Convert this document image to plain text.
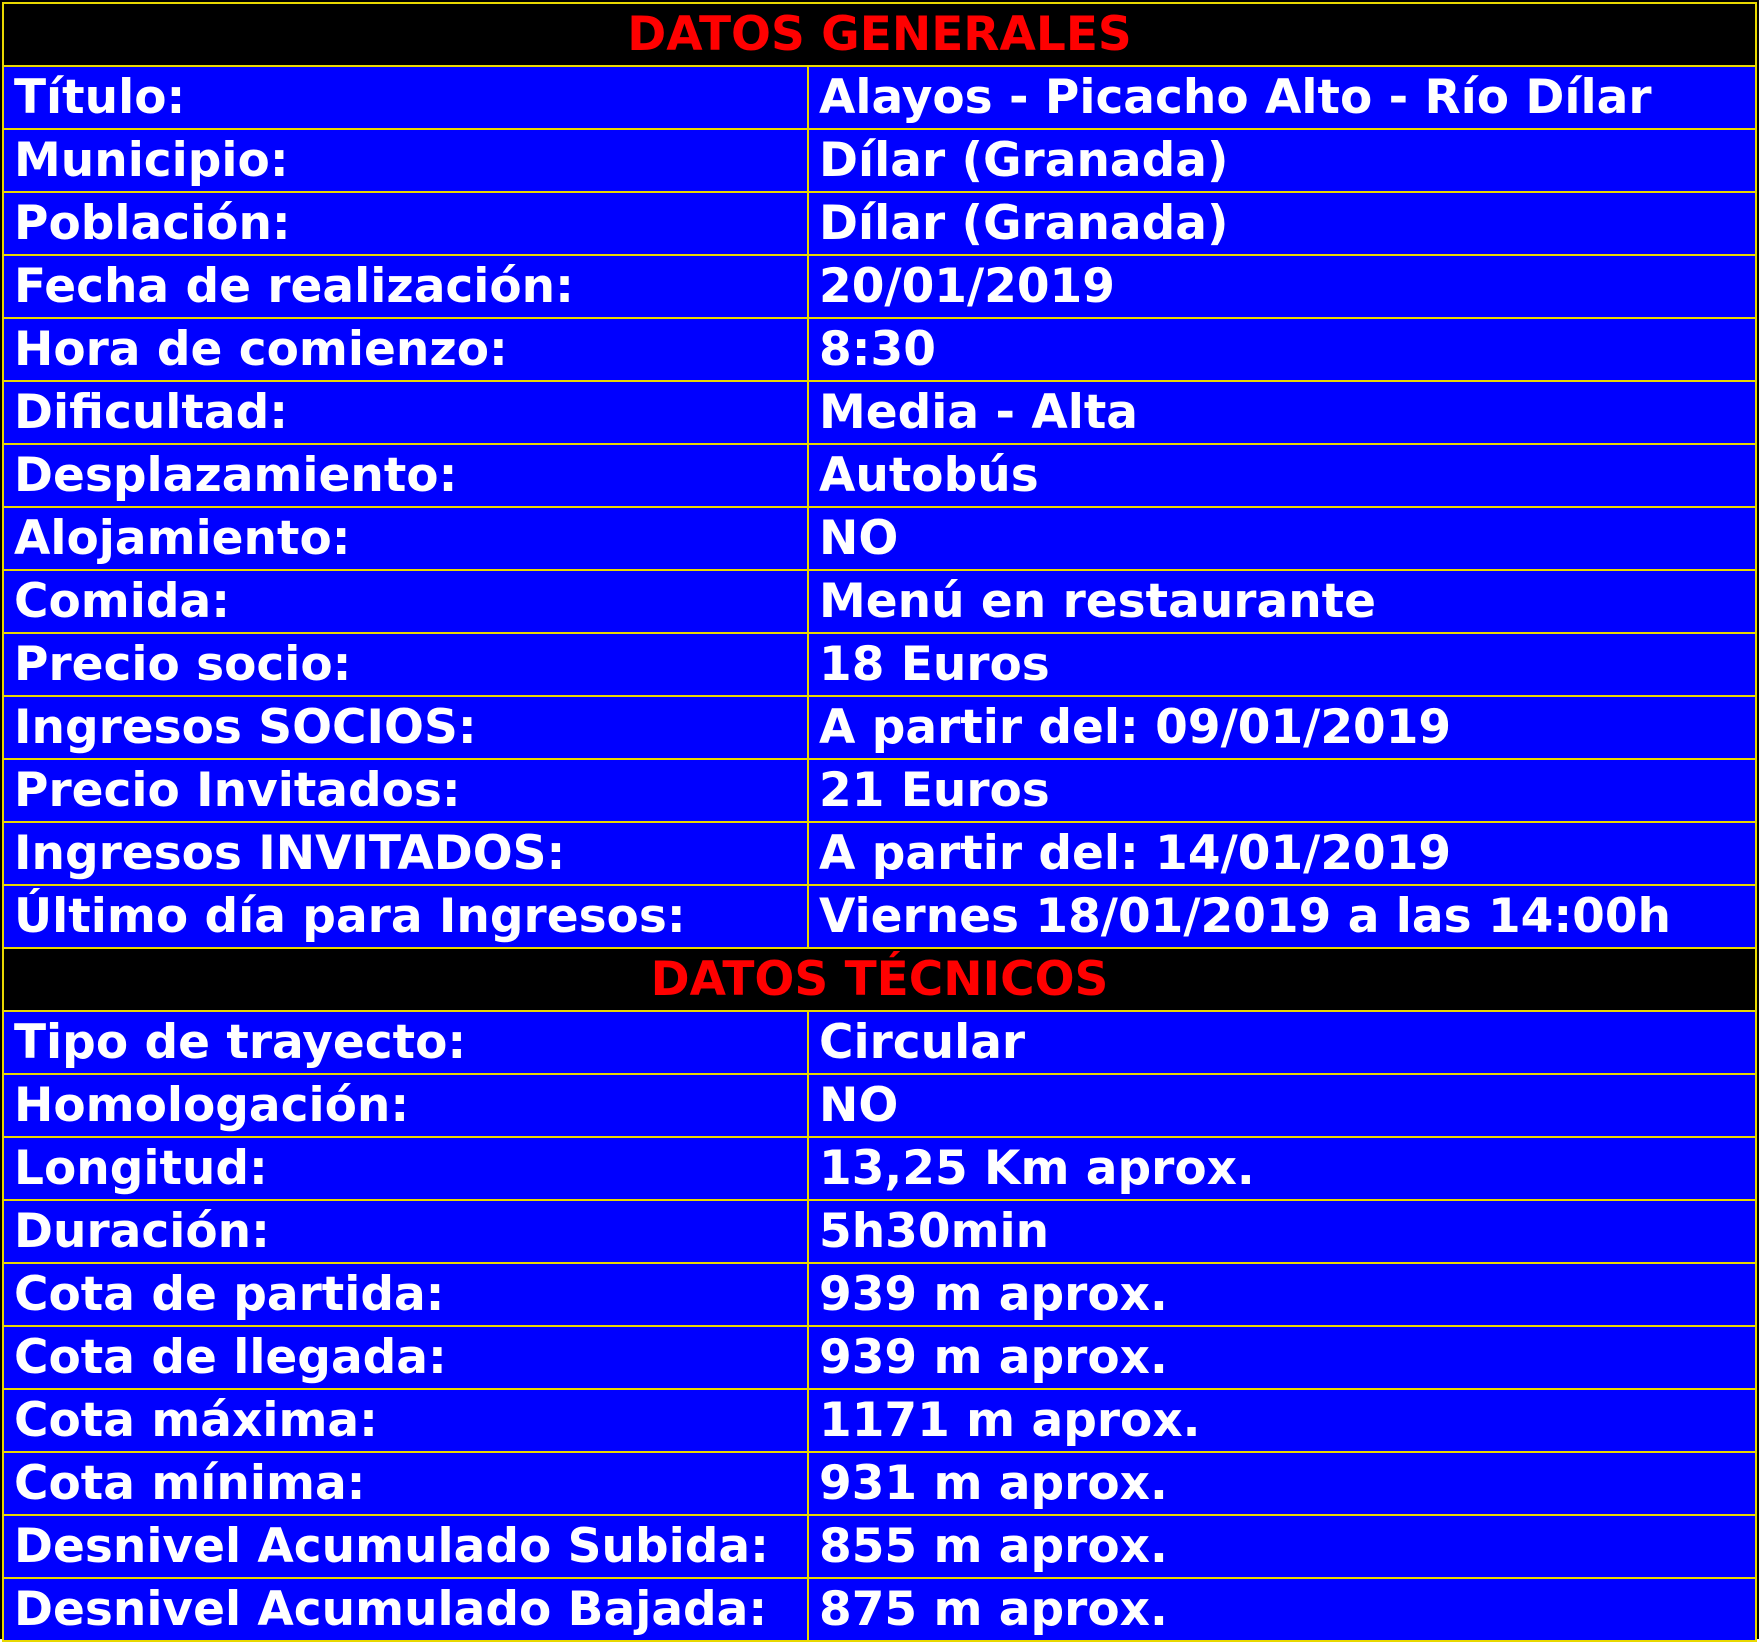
DATOS GENERALES	
Título:	Alayos - Picacho Alto - Río Dílar
Municipio:	Dílar (Granada)
Población:	Dílar (Granada)
Fecha de realización:	20/01/2019
Hora de comienzo:	8:30
Dificultad:	Media - Alta
Desplazamiento:	Autobús
Alojamiento:	NO
Comida:	Menú en restaurante
Precio socio:	18 Euros
Ingresos SOCIOS:	A partir del: 09/01/2019
Precio Invitados:	21 Euros
Ingresos INVITADOS:	A partir del: 14/01/2019
Último día para Ingresos:	Viernes 18/01/2019 a las 14:00h
DATOS TÉCNICOS	
Tipo de trayecto:	Circular
Homologación:	NO
Longitud:	13,25 Km aprox.
Duración:	5h30min
Cota de partida:	939 m aprox.
Cota de llegada:	939 m aprox.
Cota máxima:	1171 m aprox.
Cota mínima:	931 m aprox.
Desnivel Acumulado Subida:	855 m aprox.
Desnivel Acumulado Bajada:	875 m aprox.
